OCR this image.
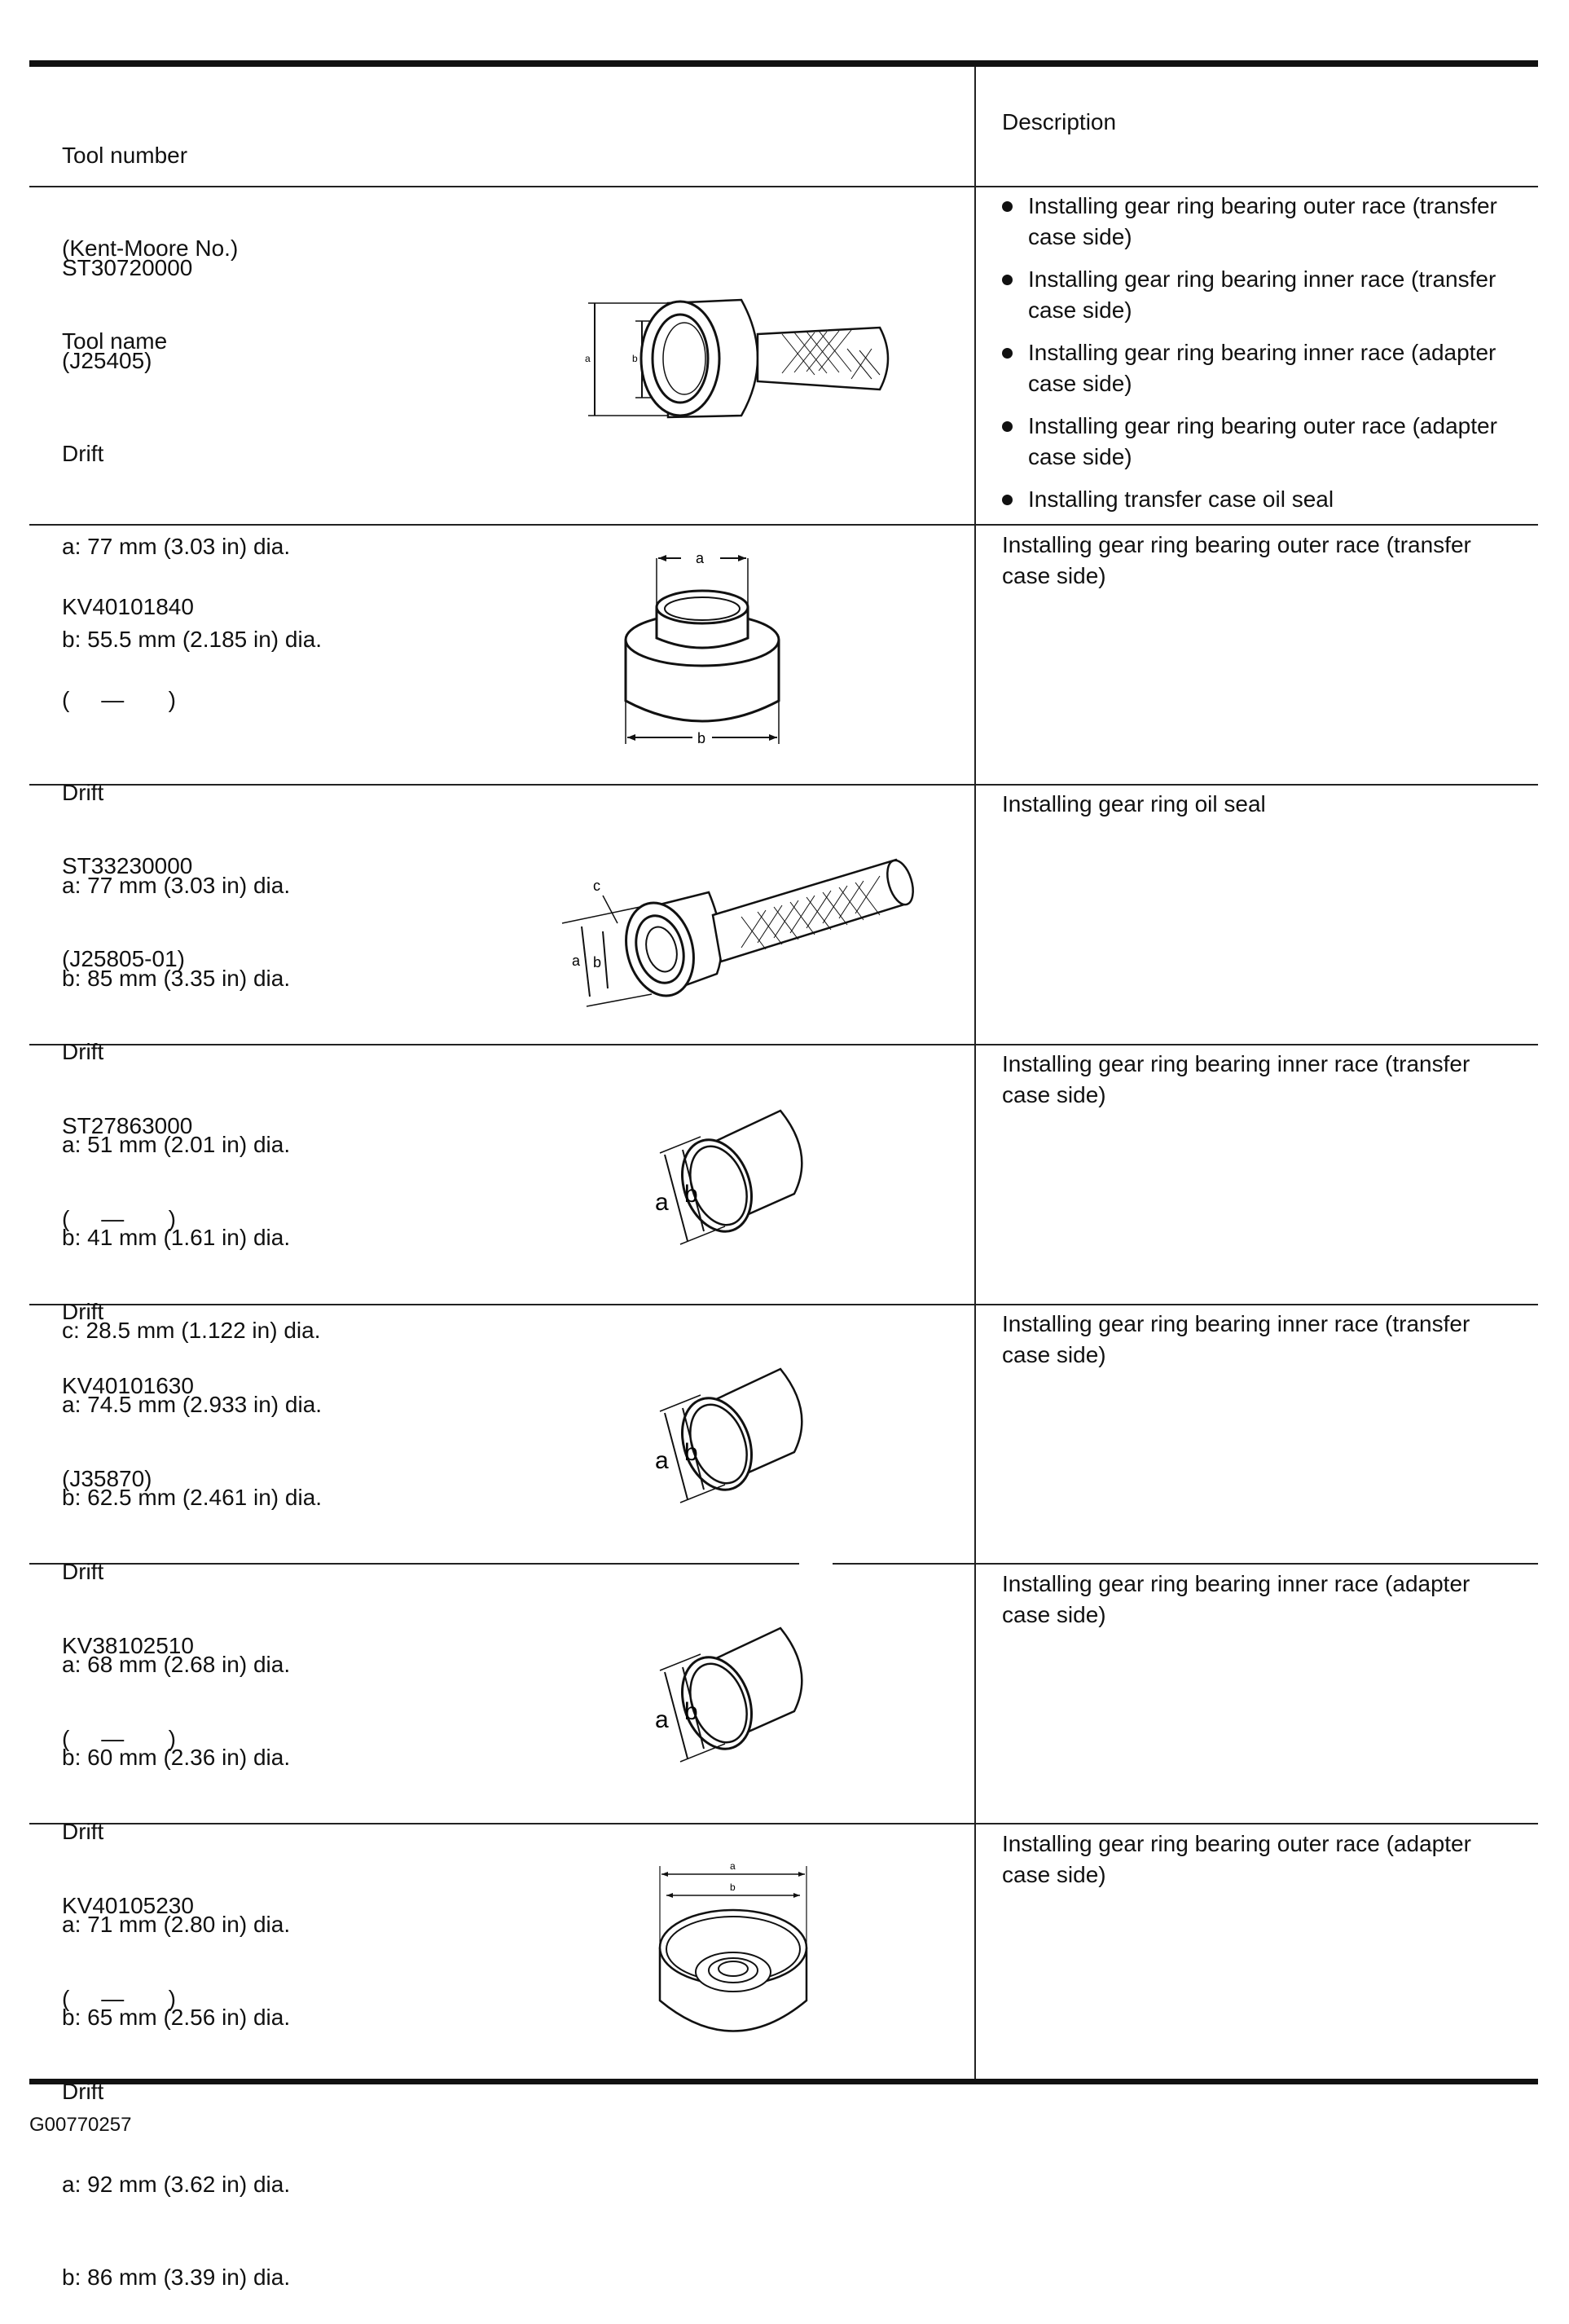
Tool number

(Kent-Moore No.)

Tool name

Description

ST30720000

(J25405)

Drift

a: 77 mm (3.03 in) dia.

b: 55.5 mm (2.185 in) dia.

Installing gear ring bearing outer race (transfer case side)
Installing gear ring bearing inner race (transfer case side)
Installing gear ring bearing inner race (adapter case side)
Installing gear ring bearing outer race (adapter case side)
Installing transfer case oil seal
a	b

KV40101840

(     —       )

Drift

a: 77 mm (3.03 in) dia.

b: 85 mm (3.35 in) dia.

Installing gear ring bearing outer race (transfer case side)
a
b

ST33230000

(J25805-01)

Drift

a: 51 mm (2.01 in) dia.

b: 41 mm (1.61 in) dia.

c: 28.5 mm (1.122 in) dia.

Installing gear ring oil seal
c
a b

ST27863000

(     —       )

Drift

a: 74.5 mm (2.933 in) dia.

b: 62.5 mm (2.461 in) dia.

Installing gear ring bearing inner race (transfer case side)
a b

KV40101630

(J35870)

Drift

a: 68 mm (2.68 in) dia.

b: 60 mm (2.36 in) dia.

Installing gear ring bearing inner race (transfer case side)
a b

KV38102510

(     —       )

Drift

a: 71 mm (2.80 in) dia.

b: 65 mm (2.56 in) dia.

Installing gear ring bearing inner race (adapter case side)
a b

KV40105230

(     —       )

Drift

a: 92 mm (3.62 in) dia.

b: 86 mm (3.39 in) dia.

Installing gear ring bearing outer race (adapter case side)
a
b
G00770257
